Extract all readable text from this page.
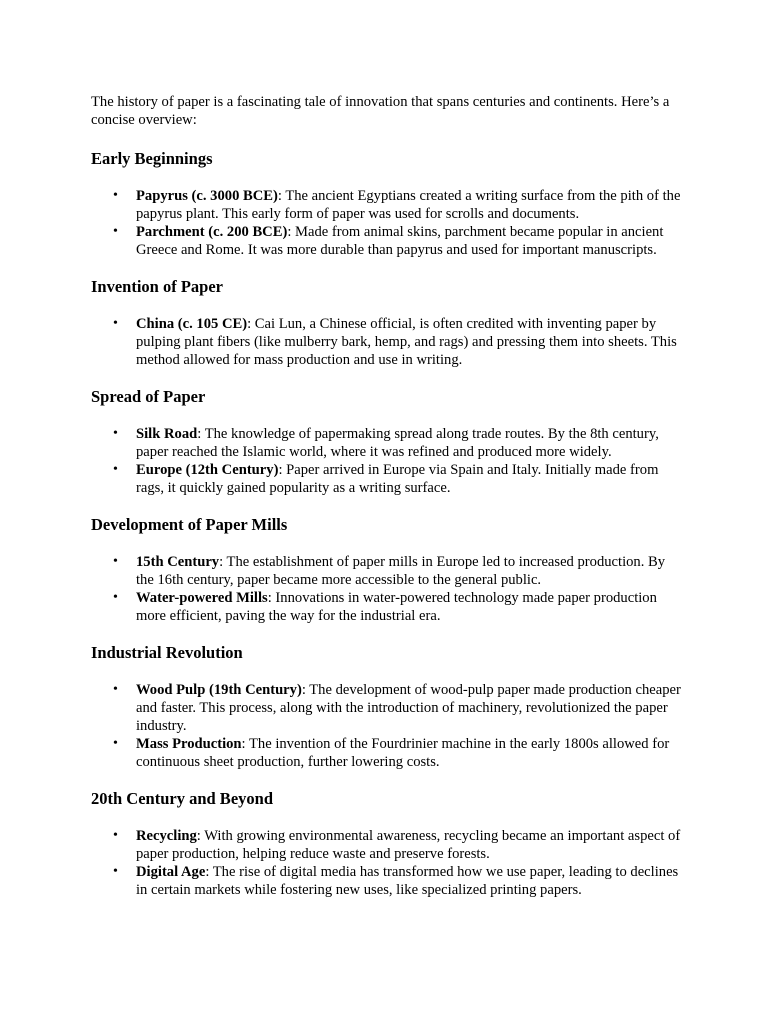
The history of paper is a fascinating tale of innovation that spans centuries and continents. Here’s a concise overview:

Early Beginnings
• Papyrus (c. 3000 BCE): The ancient Egyptians created a writing surface from the pith of the papyrus plant. This early form of paper was used for scrolls and documents.
• Parchment (c. 200 BCE): Made from animal skins, parchment became popular in ancient Greece and Rome. It was more durable than papyrus and used for important manuscripts.
Invention of Paper
• China (c. 105 CE): Cai Lun, a Chinese official, is often credited with inventing paper by pulping plant fibers (like mulberry bark, hemp, and rags) and pressing them into sheets. This method allowed for mass production and use in writing.
Spread of Paper
• Silk Road: The knowledge of papermaking spread along trade routes. By the 8th century, paper reached the Islamic world, where it was refined and produced more widely.
• Europe (12th Century): Paper arrived in Europe via Spain and Italy. Initially made from rags, it quickly gained popularity as a writing surface.
Development of Paper Mills
• 15th Century: The establishment of paper mills in Europe led to increased production. By the 16th century, paper became more accessible to the general public.
• Water-powered Mills: Innovations in water-powered technology made paper production more efficient, paving the way for the industrial era.
Industrial Revolution
• Wood Pulp (19th Century): The development of wood-pulp paper made production cheaper and faster. This process, along with the introduction of machinery, revolutionized the paper industry.
• Mass Production: The invention of the Fourdrinier machine in the early 1800s allowed for continuous sheet production, further lowering costs.
20th Century and Beyond
• Recycling: With growing environmental awareness, recycling became an important aspect of paper production, helping reduce waste and preserve forests.
• Digital Age: The rise of digital media has transformed how we use paper, leading to declines in certain markets while fostering new uses, like specialized printing papers.
